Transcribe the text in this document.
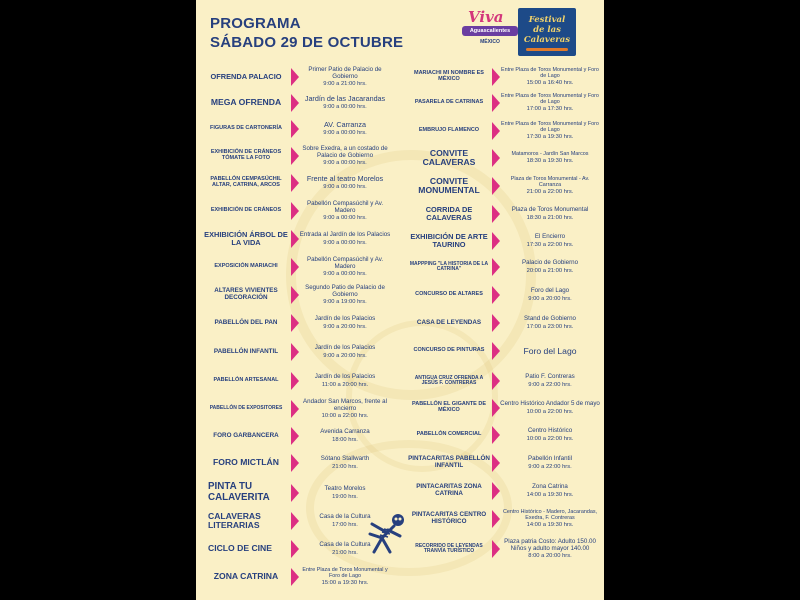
PROGRAMA
SÁBADO 29 DE OCTUBRE
Viva
Aguascalientes
MÉXICO
Festival
de las
Calaveras
OFRENDA PALACIO
Primer Patio de Palacio de Gobierno
9:00 a 21:00 hrs.
MEGA OFRENDA	Jardín de las Jacarandas
9:00 a 00:00 hrs.
FIGURAS DE CARTONERÍA	AV. Carranza
9:00 a 00:00 hrs.
EXHIBICIÓN DE CRÁNEOS TÓMATE LA FOTO
Sobre Exedra, a un costado de Palacio de Gobierno
9:00 a 00:00 hrs.
PABELLÓN CEMPASÚCHIL ALTAR, CATRINA, ARCOS
Frente al teatro Morelos
9:00 a 00:00 hrs.
EXHIBICIÓN DE CRÁNEOS
Pabellón Cempasúchil y Av. Madero
9:00 a 00:00 hrs.
EXHIBICIÓN ÁRBOL DE LA VIDA
Entrada al Jardín de los Palacios
9:00 a 00:00 hrs.
EXPOSICIÓN MARIACHI
Pabellón Cempasúchil y Av. Madero
9:00 a 00:00 hrs.
ALTARES VIVIENTES DECORACIÓN
Segundo Patio de Palacio de Gobierno
9:00 a 19:00 hrs.
PABELLÓN DEL PAN	Jardín de los Palacios
9:00 a 20:00 hrs.
PABELLÓN INFANTIL	Jardín de los Palacios
9:00 a 20:00 hrs.
PABELLÓN ARTESANAL	Jardín de los Palacios
11:00 a 20:00 hrs.
PABELLÓN DE EXPOSITORES
Andador San Marcos, frente al encierro
10:00 a 22:00 hrs.
FORO GARBANCERA	Avenida Carranza
18:00 hrs.
FORO MICTLÁN	Sótano Stallwarth
21:00 hrs.
PINTA TU CALAVERITA
Teatro Morelos
19:00 hrs.
CALAVERAS LITERARIAS
Casa de la Cultura
17:00 hrs.
CICLO DE CINE	Casa de la Cultura
21:00 hrs.
ZONA CATRINA
Entre Plaza de Toros Monumental y Foro de Lago
15:00 a 19:30 hrs.
MARIACHI MI NOMBRE ES MÉXICO
Entre Plaza de Toros Monumental y Foro de Lago
15:00 a 16:40 hrs.
PASARELA DE CATRINAS
Entre Plaza de Toros Monumental y Foro de Lago
17:00 a 17:30 hrs.
EMBRUJO FLAMENCO
Entre Plaza de Toros Monumental y Foro de Lago
17:30 a 19:30 hrs.
CONVITE CALAVERAS
Matamoros - Jardín San Marcos
18:30 a 19:30 hrs.
CONVITE MONUMENTAL
Plaza de Toros Monumental - Av. Carranza
21:00 a 22:00 hrs.
CORRIDA DE CALAVERAS
Plaza de Toros Monumental
18:30 a 21:00 hrs.
EXHIBICIÓN DE ARTE TAURINO
El Encierro
17:30 a 22:00 hrs.
MAPPPING "LA HISTORIA DE LA CATRINA"
Palacio de Gobierno
20:00 a 21:00 hrs.
CONCURSO DE ALTARES	Foro del Lago
9:00 a 20:00 hrs.
CASA DE LEYENDAS	Stand de Gobierno
17:00 a 23:00 hrs.
CONCURSO DE PINTURAS	Foro del Lago
ANTIGUA CRUZ OFRENDA A JESÚS F. CONTRERAS
Patio F. Contreras
9:00 a 22:00 hrs.
PABELLÓN EL GIGANTE DE MÉXICO
Centro Histórico Andador 5 de mayo
10:00 a 22:00 hrs.
PABELLÓN COMERCIAL	Centro Histórico
10:00 a 22:00 hrs.
PINTACARITAS PABELLÓN INFANTIL
Pabellón Infantil
9:00 a 22:00 hrs.
PINTACARITAS ZONA CATRINA
Zona Catrina
14:00 a 19:30 hrs.
PINTACARITAS CENTRO HISTÓRICO
Centro Histórico - Madero, Jacarandas, Exedra, F. Contreras
14:00 a 19:30 hrs.
RECORRIDO DE LEYENDAS TRANVÍA TURÍSTICO
Plaza patria Costo: Adulto 150.00 Niños y adulto mayor 140.00
8:00 a 20:00 hrs.
